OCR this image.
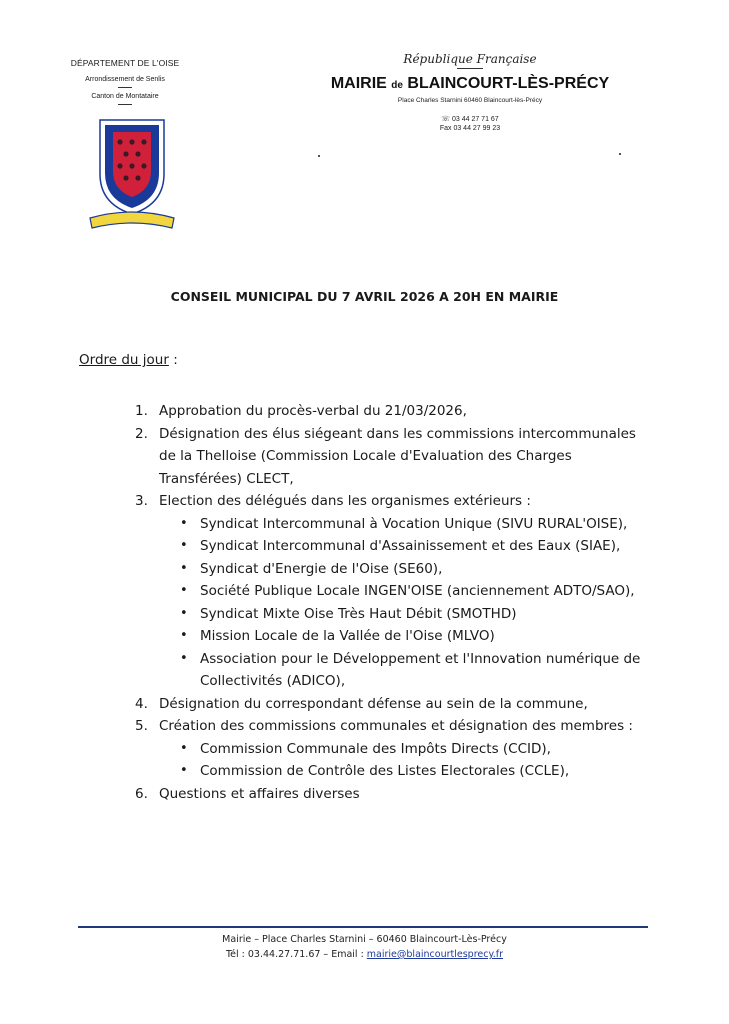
DÉPARTEMENT DE L'OISE
Arrondissement de Senlis
Canton de Montataire
République Française
MAIRIE de BLAINCOURT-LÈS-PRÉCY
Place Charles Starnini 60460 Blaincourt-lès-Précy
☏ 03 44 27 71 67
Fax 03 44 27 99 23
CONSEIL MUNICIPAL DU 7 AVRIL 2026 A 20H EN MAIRIE
Ordre du jour :
1. Approbation du procès-verbal du 21/03/2026,
2. Désignation des élus siégeant dans les commissions intercommunales de la Thelloise (Commission Locale d'Evaluation des Charges Transférées) CLECT,
3. Election des délégués dans les organismes extérieurs :
• Syndicat Intercommunal à Vocation Unique (SIVU RURAL'OISE),
• Syndicat Intercommunal d'Assainissement et des Eaux (SIAE),
• Syndicat d'Energie de l'Oise (SE60),
• Société Publique Locale INGEN'OISE (anciennement ADTO/SAO),
• Syndicat Mixte Oise Très Haut Débit (SMOTHD)
• Mission Locale de la Vallée de l'Oise (MLVO)
• Association pour le Développement et l'Innovation numérique de Collectivités (ADICO),
4. Désignation du correspondant défense au sein de la commune,
5. Création des commissions communales et désignation des membres :
• Commission Communale des Impôts Directs (CCID),
• Commission de Contrôle des Listes Electorales (CCLE),
6. Questions et affaires diverses
Mairie – Place Charles Starnini – 60460 Blaincourt-Lès-Précy
Tél : 03.44.27.71.67 – Email : mairie@blaincourtlesprecy.fr
